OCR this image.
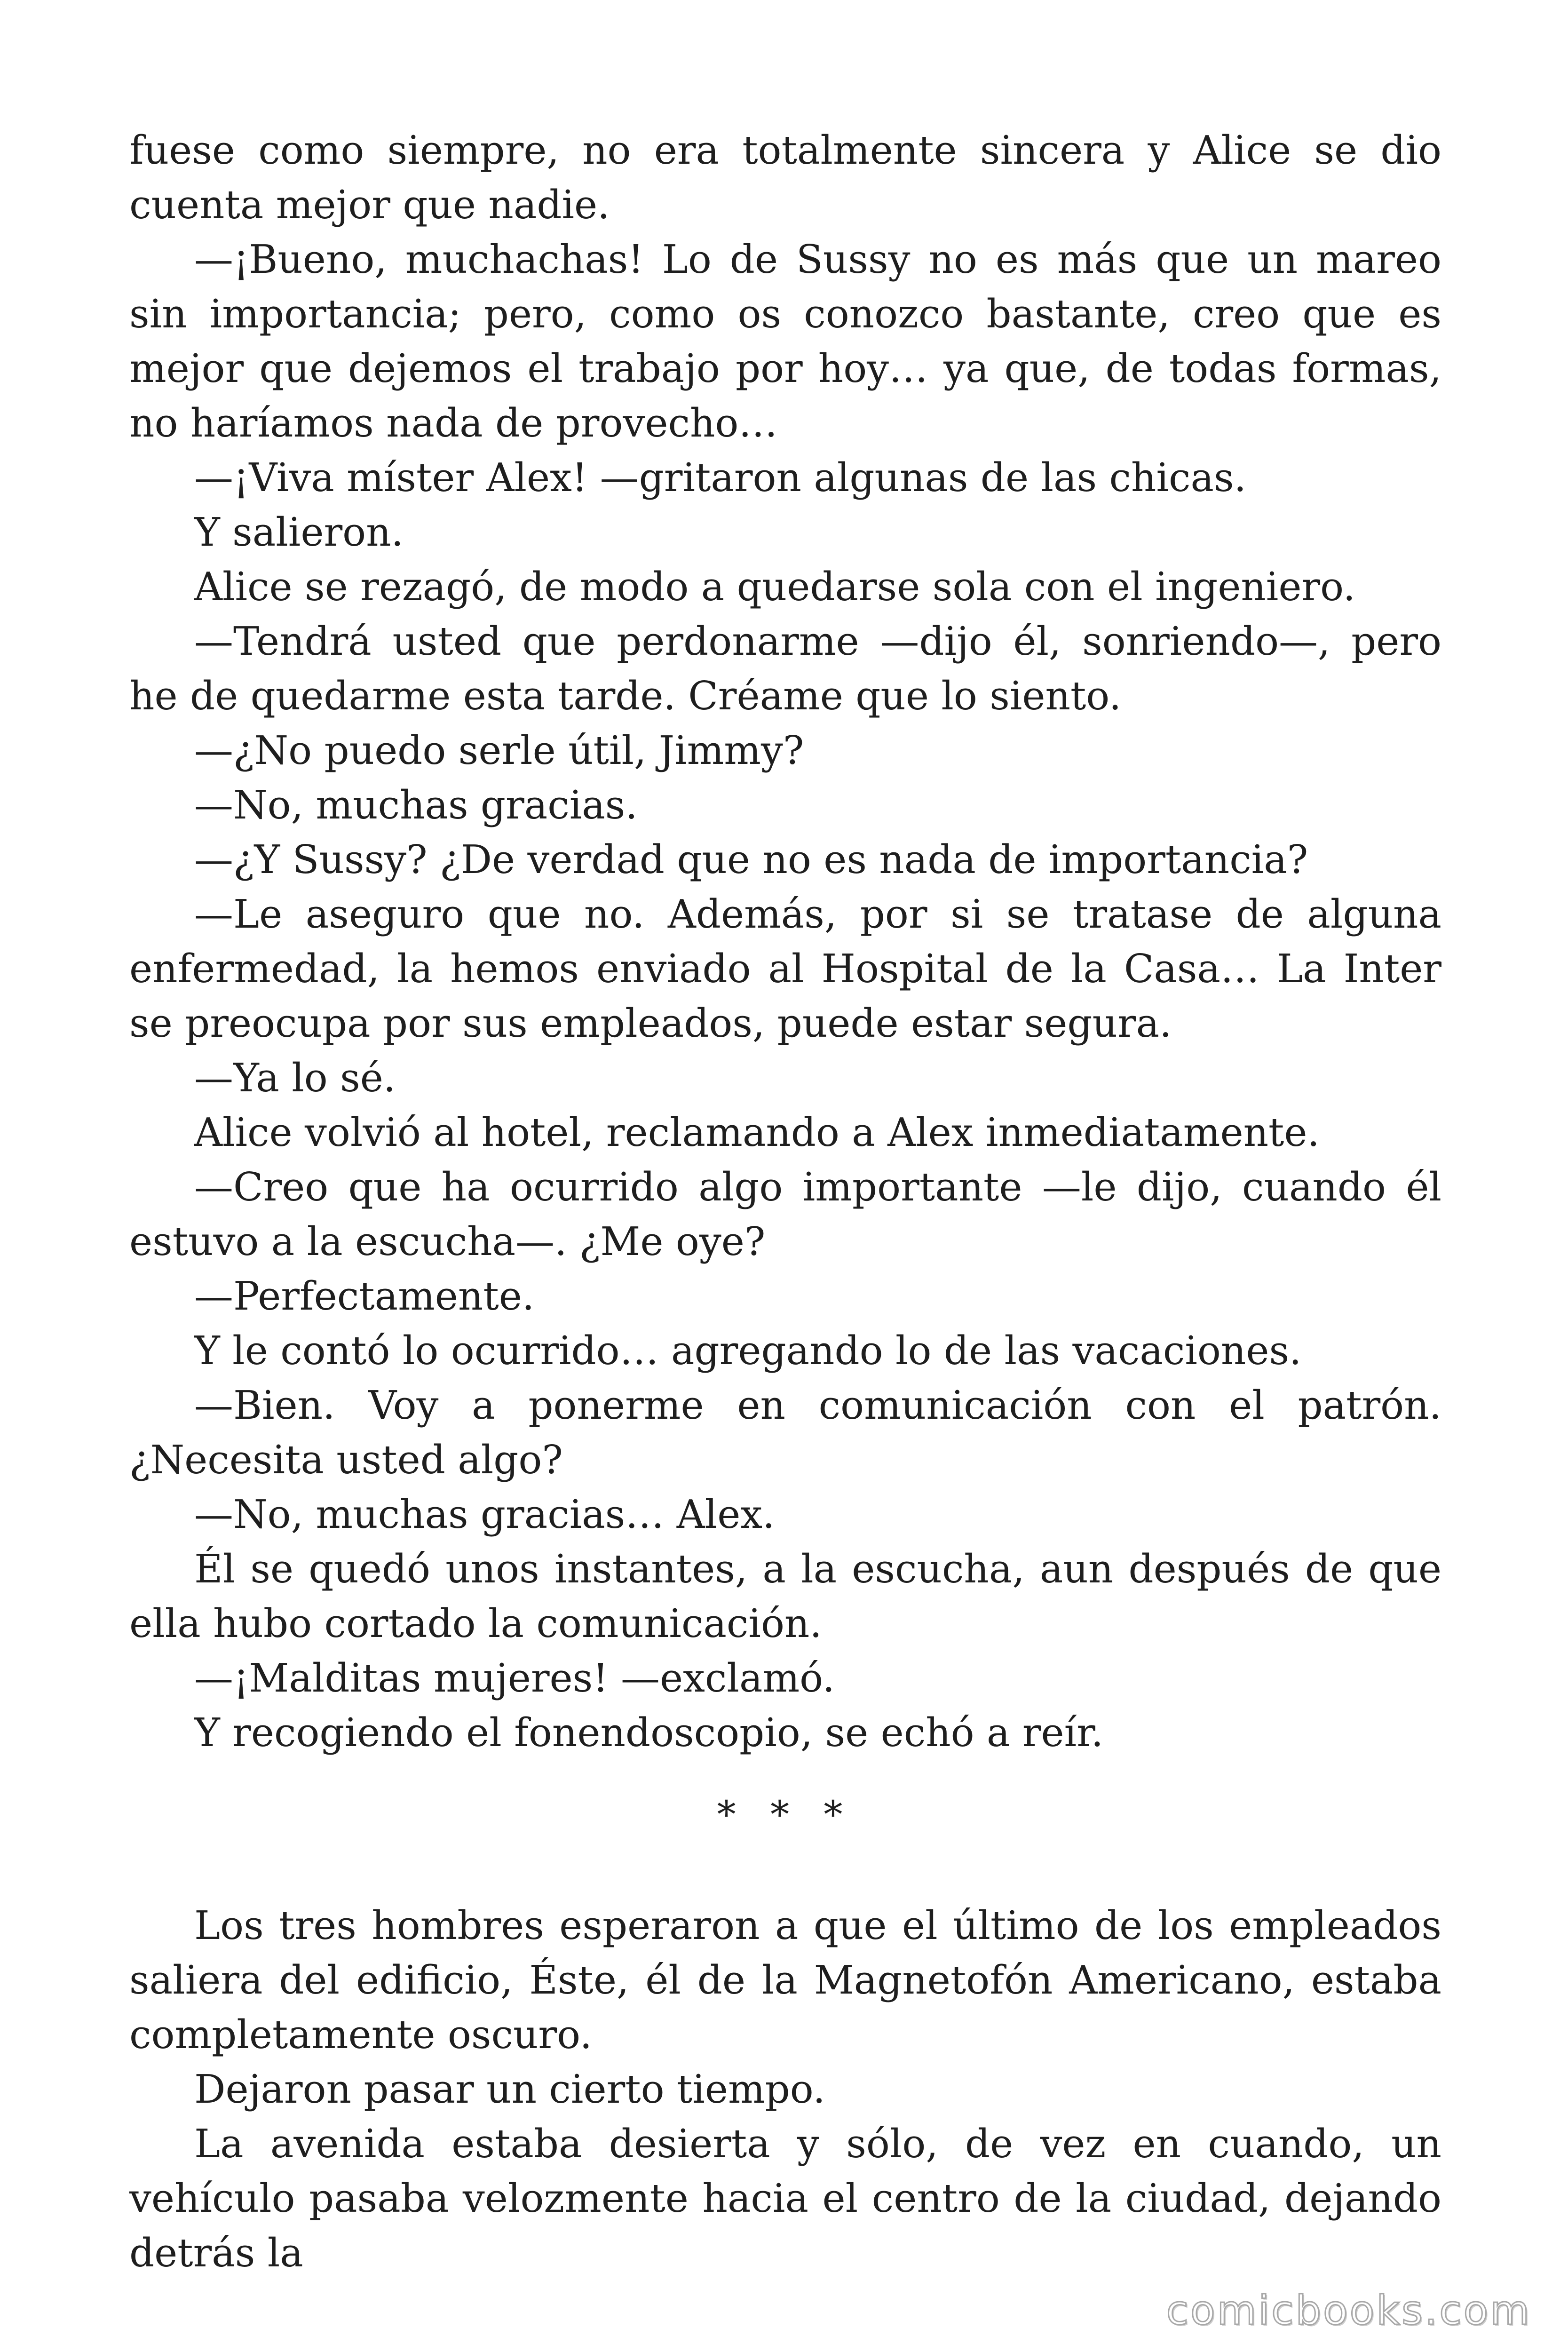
fuese como siempre, no era totalmente sincera y Alice se dio cuenta mejor que nadie.

—¡Bueno, muchachas! Lo de Sussy no es más que un mareo sin importancia; pero, como os conozco bastante, creo que es mejor que dejemos el trabajo por hoy… ya que, de todas formas, no haríamos nada de provecho…

—¡Viva míster Alex! —gritaron algunas de las chicas.

Y salieron.

Alice se rezagó, de modo a quedarse sola con el ingeniero.

—Tendrá usted que perdonarme —dijo él, sonriendo—, pero he de quedarme esta tarde. Créame que lo siento.

—¿No puedo serle útil, Jimmy?

—No, muchas gracias.

—¿Y Sussy? ¿De verdad que no es nada de importancia?

—Le aseguro que no. Además, por si se tratase de alguna enfermedad, la hemos enviado al Hospital de la Casa… La Inter se preocupa por sus empleados, puede estar segura.

—Ya lo sé.

Alice volvió al hotel, reclamando a Alex inmediatamente.

—Creo que ha ocurrido algo importante —le dijo, cuando él estuvo a la escucha—. ¿Me oye?

—Perfectamente.

Y le contó lo ocurrido… agregando lo de las vacaciones.

—Bien. Voy a ponerme en comunicación con el patrón. ¿Necesita usted algo?

—No, muchas gracias… Alex.

Él se quedó unos instantes, a la escucha, aun después de que ella hubo cortado la comunicación.

—¡Malditas mujeres! —exclamó.

Y recogiendo el fonendoscopio, se echó a reír.

* * *

Los tres hombres esperaron a que el último de los empleados saliera del edificio, Éste, él de la Magnetofón Americano, estaba completamente oscuro.

Dejaron pasar un cierto tiempo.

La avenida estaba desierta y sólo, de vez en cuando, un vehículo pasaba velozmente hacia el centro de la ciudad, dejando detrás la

comicbooks.com
